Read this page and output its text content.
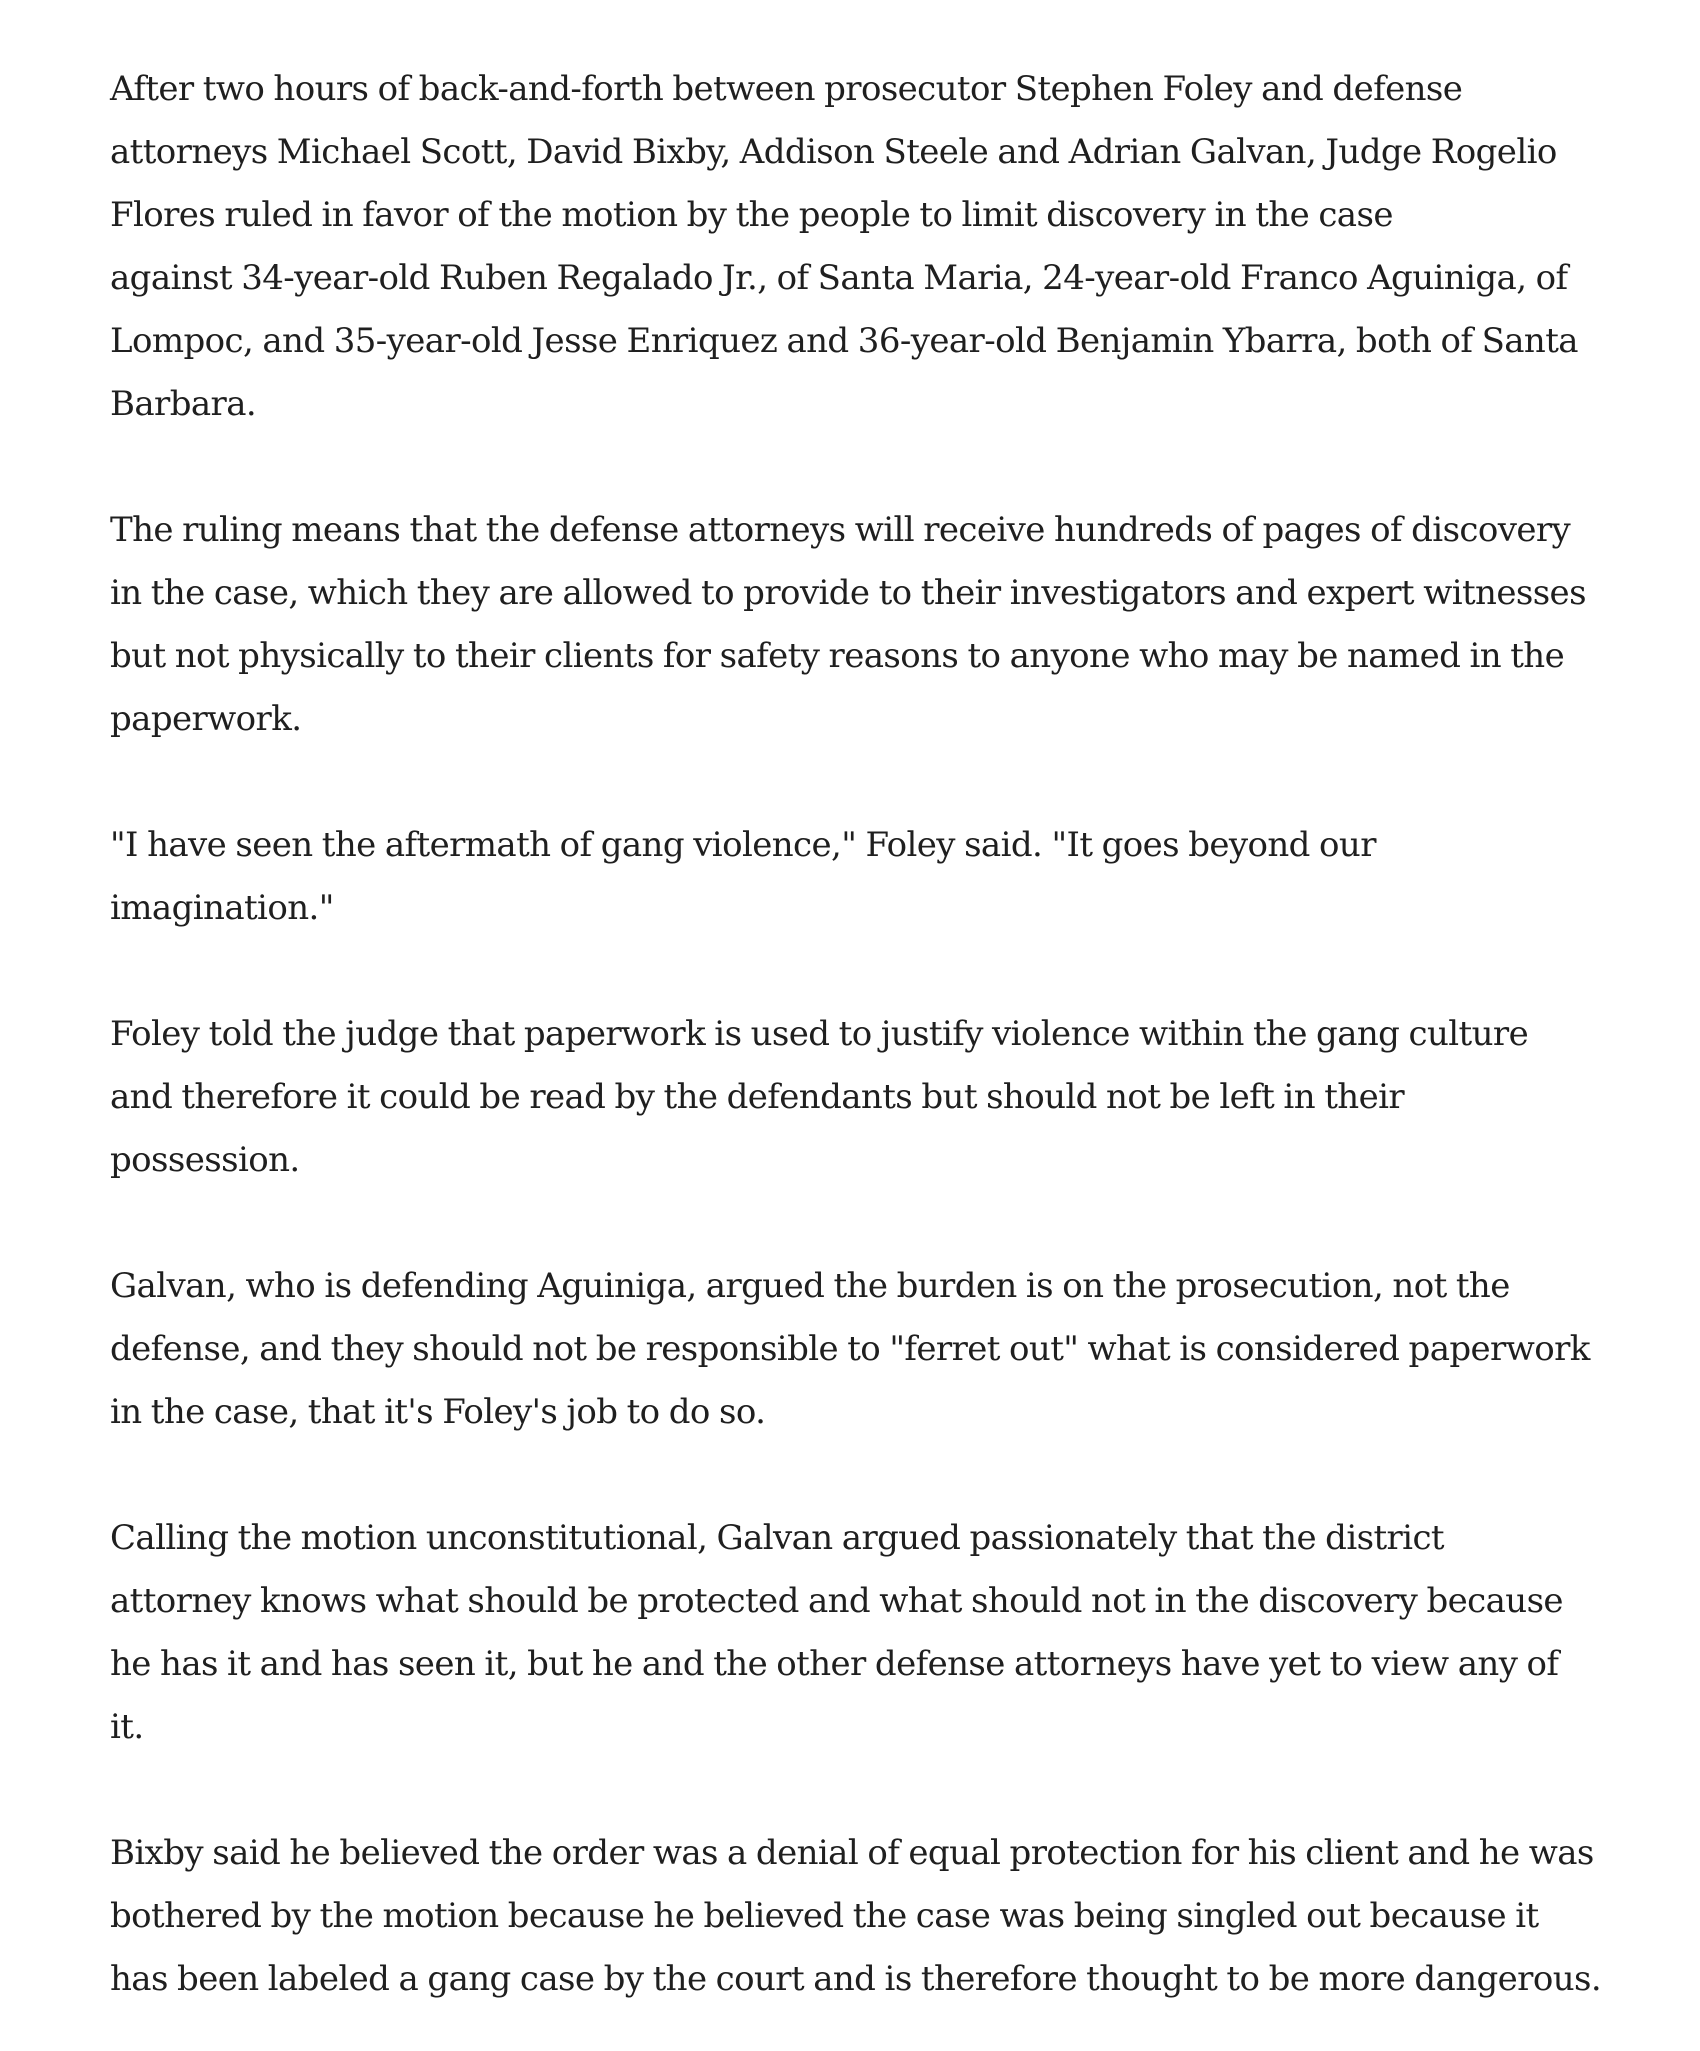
After two hours of back-and-forth between prosecutor Stephen Foley and defense
attorneys Michael Scott, David Bixby, Addison Steele and Adrian Galvan, Judge Rogelio
Flores ruled in favor of the motion by the people to limit discovery in the case
against 34-year-old Ruben Regalado Jr., of Santa Maria, 24-year-old Franco Aguiniga, of
Lompoc, and 35-year-old Jesse Enriquez and 36-year-old Benjamin Ybarra, both of Santa
Barbara.

The ruling means that the defense attorneys will receive hundreds of pages of discovery
in the case, which they are allowed to provide to their investigators and expert witnesses
but not physically to their clients for safety reasons to anyone who may be named in the
paperwork.

"I have seen the aftermath of gang violence," Foley said. "It goes beyond our
imagination."

Foley told the judge that paperwork is used to justify violence within the gang culture
and therefore it could be read by the defendants but should not be left in their
possession.

Galvan, who is defending Aguiniga, argued the burden is on the prosecution, not the
defense, and they should not be responsible to "ferret out" what is considered paperwork
in the case, that it's Foley's job to do so.

Calling the motion unconstitutional, Galvan argued passionately that the district
attorney knows what should be protected and what should not in the discovery because
he has it and has seen it, but he and the other defense attorneys have yet to view any of
it.

Bixby said he believed the order was a denial of equal protection for his client and he was
bothered by the motion because he believed the case was being singled out because it
has been labeled a gang case by the court and is therefore thought to be more dangerous.
